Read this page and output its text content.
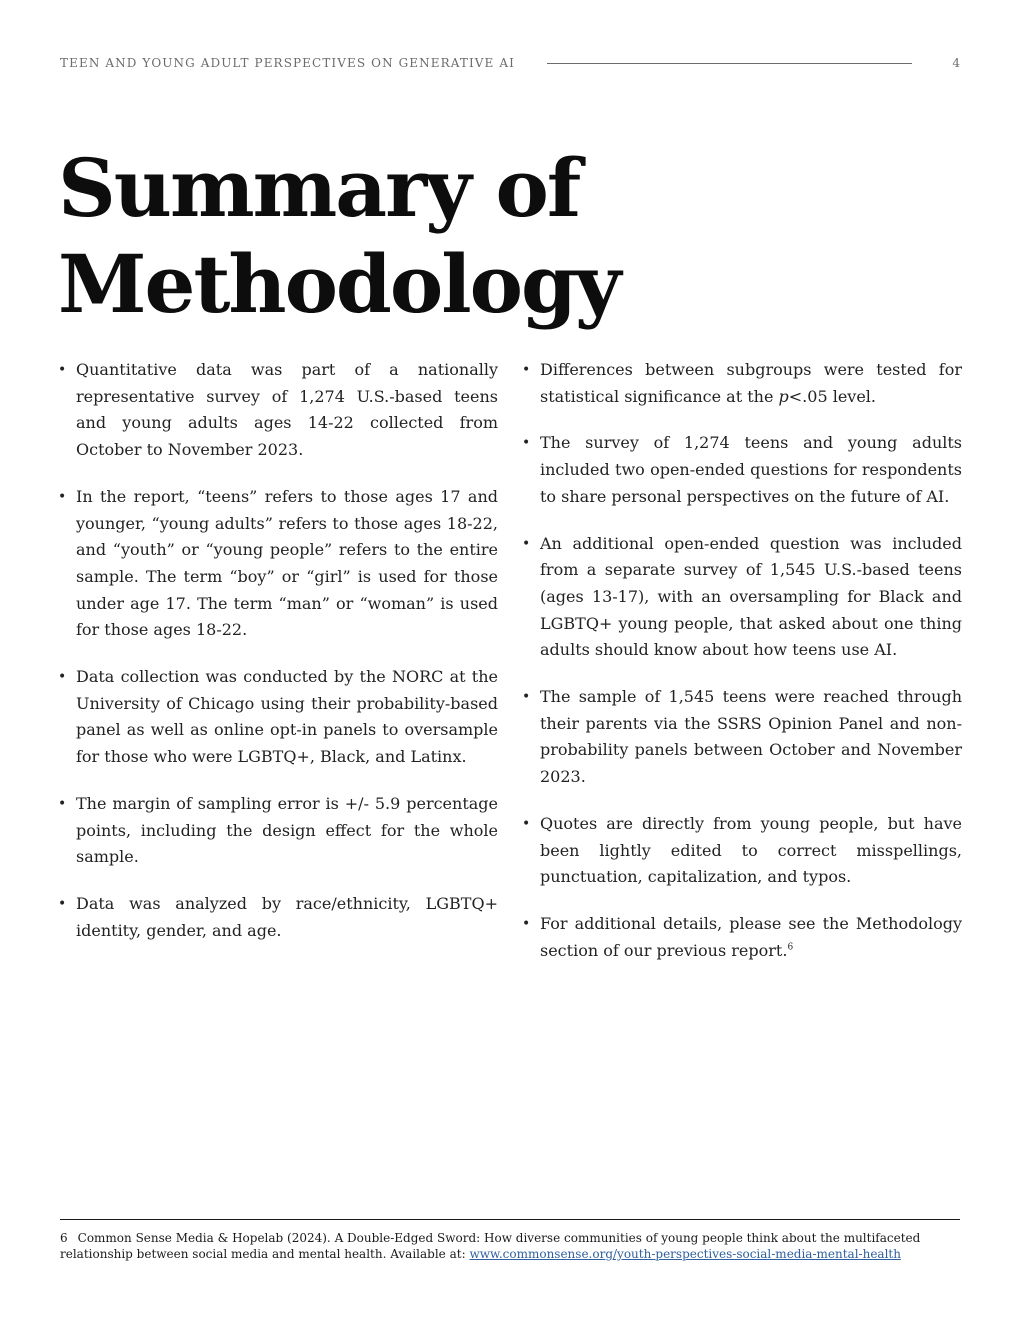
TEEN AND YOUNG ADULT PERSPECTIVES ON GENERATIVE AI	4
Summary of
Methodology
• Quantitative data was part of a nationally representative survey of 1,274 U.S.-based teens and young adults ages 14-22 collected from October to November 2023.
• In the report, “teens” refers to those ages 17 and younger, “young adults” refers to those ages 18-22, and “youth” or “young people” refers to the entire sample. The term “boy” or “girl” is used for those under age 17. The term “man” or “woman” is used for those ages 18-22.
• Data collection was conducted by the NORC at the University of Chicago using their probability-based panel as well as online opt-in panels to oversample for those who were LGBTQ+, Black, and Latinx.
• The margin of sampling error is +/- 5.9 percentage points, including the design effect for the whole sample.
• Data was analyzed by race/ethnicity, LGBTQ+ identity, gender, and age.
• Differences between subgroups were tested for statistical significance at the p<.05 level.
• The survey of 1,274 teens and young adults included two open-ended questions for respondents to share personal perspectives on the future of AI.
• An additional open-ended question was included from a separate survey of 1,545 U.S.-based teens (ages 13-17), with an oversampling for Black and LGBTQ+ young people, that asked about one thing adults should know about how teens use AI.
• The sample of 1,545 teens were reached through their parents via the SSRS Opinion Panel and non-probability panels between October and November 2023.
• Quotes are directly from young people, but have been lightly edited to correct misspellings, punctuation, capitalization, and typos.
• For additional details, please see the Methodology section of our previous report.$^6$
6 Common Sense Media & Hopelab (2024). A Double-Edged Sword: How diverse communities of young people think about the multifaceted relationship between social media and mental health. Available at: www.commonsense.org/youth-perspectives-social-media-mental-health
